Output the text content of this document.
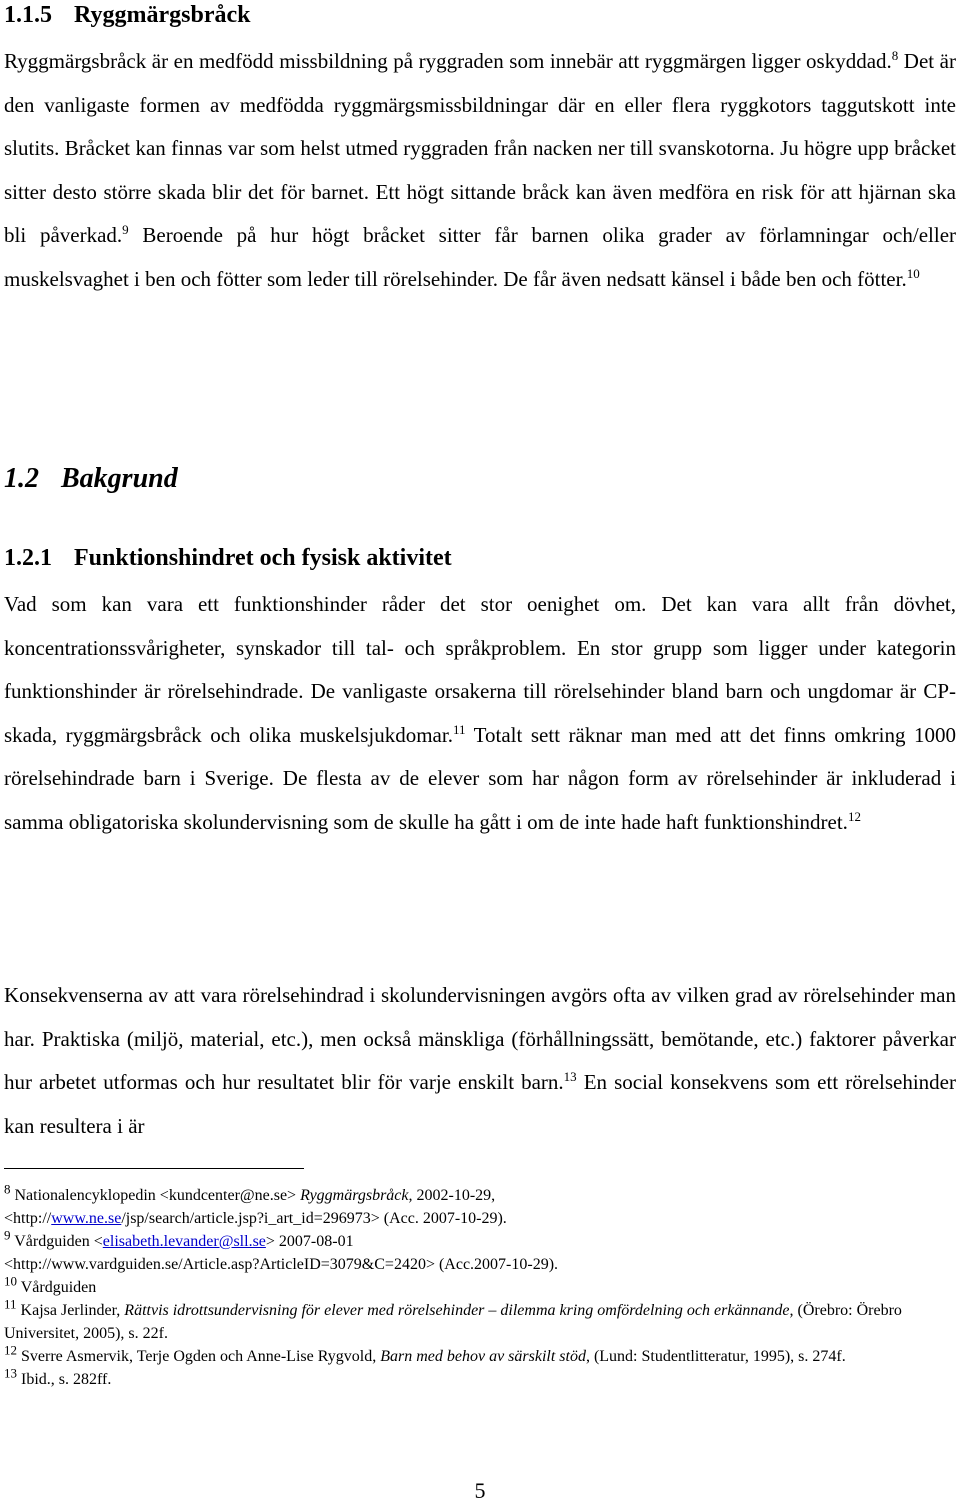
1.1.5 Ryggmärgsbråck

Ryggmärgsbråck är en medfödd missbildning på ryggraden som innebär att ryggmärgen ligger oskyddad.$^8$ Det är den vanligaste formen av medfödda ryggmärgsmissbildningar där en eller flera ryggkotors taggutskott inte slutits. Bråcket kan finnas var som helst utmed ryggraden från nacken ner till svanskotorna. Ju högre upp bråcket sitter desto större skada blir det för barnet. Ett högt sittande bråck kan även medföra en risk för att hjärnan ska bli påverkad.$^9$ Beroende på hur högt bråcket sitter får barnen olika grader av förlamningar och/eller muskelsvaghet i ben och fötter som leder till rörelsehinder. De får även nedsatt känsel i både ben och fötter.$^{10}$

1.2 Bakgrund
1.2.1 Funktionshindret och fysisk aktivitet

Vad som kan vara ett funktionshinder råder det stor oenighet om. Det kan vara allt från dövhet, koncentrationssvårigheter, synskador till tal- och språkproblem. En stor grupp som ligger under kategorin funktionshinder är rörelsehindrade. De vanligaste orsakerna till rörelsehinder bland barn och ungdomar är CP-skada, ryggmärgsbråck och olika muskelsjukdomar.$^{11}$ Totalt sett räknar man med att det finns omkring 1000 rörelsehindrade barn i Sverige. De flesta av de elever som har någon form av rörelsehinder är inkluderad i samma obligatoriska skolundervisning som de skulle ha gått i om de inte hade haft funktionshindret.$^{12}$

Konsekvenserna av att vara rörelsehindrad i skolundervisningen avgörs ofta av vilken grad av rörelsehinder man har. Praktiska (miljö, material, etc.), men också mänskliga (förhållningssätt, bemötande, etc.) faktorer påverkar hur arbetet utformas och hur resultatet blir för varje enskilt barn.$^{13}$ En social konsekvens som ett rörelsehinder kan resultera i är

$^8$ Nationalencyklopedin <kundcenter@ne.se> Ryggmärgsbråck, 2002-10-29,
<http://www.ne.se/jsp/search/article.jsp?i_art_id=296973> (Acc. 2007-10-29).

$^9$ Vårdguiden <elisabeth.levander@sll.se> 2007-08-01
<http://www.vardguiden.se/Article.asp?ArticleID=3079&C=2420> (Acc.2007-10-29).

$^{10}$ Vårdguiden

$^{11}$ Kajsa Jerlinder, Rättvis idrottsundervisning för elever med rörelsehinder – dilemma kring omfördelning och erkännande, (Örebro: Örebro Universitet, 2005), s. 22f.

$^{12}$ Sverre Asmervik, Terje Ogden och Anne-Lise Rygvold, Barn med behov av särskilt stöd, (Lund: Studentlitteratur, 1995), s. 274f.

$^{13}$ Ibid., s. 282ff.

5
